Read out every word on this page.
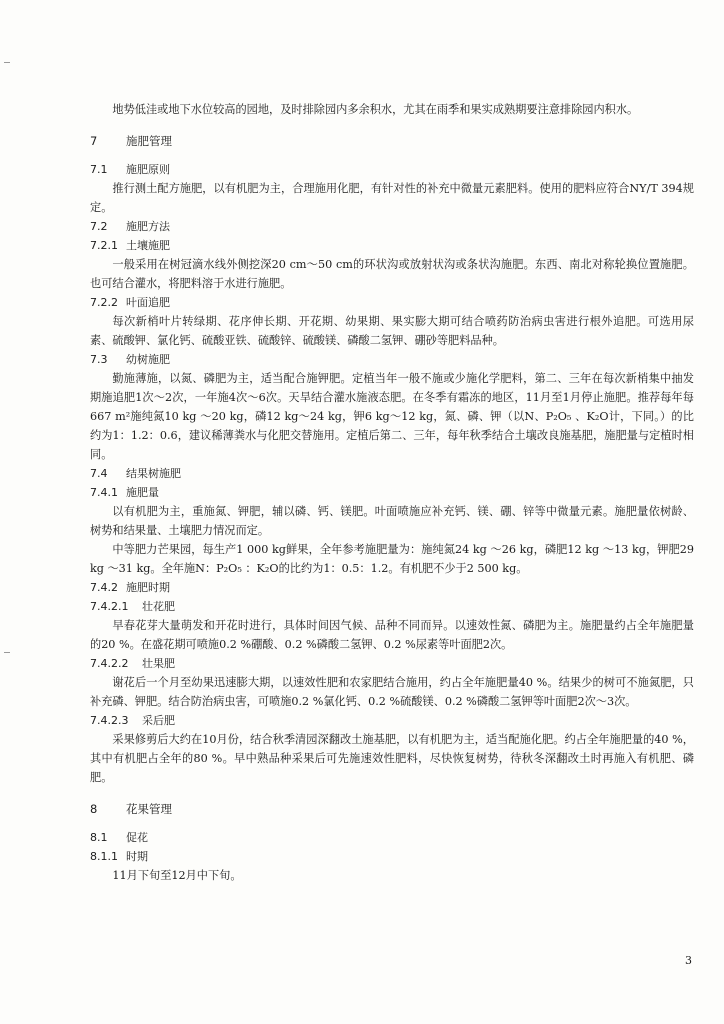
地势低洼或地下水位较高的园地，及时排除园内多余积水，尤其在雨季和果实成熟期要注意排除园内积水。

7 施肥管理
7.1 施肥原则

推行测土配方施肥，以有机肥为主，合理施用化肥，有针对性的补充中微量元素肥料。使用的肥料应符合NY/T 394规定。

7.2 施肥方法
7.2.1 土壤施肥

一般采用在树冠滴水线外侧挖深20 cm～50 cm的环状沟或放射状沟或条状沟施肥。东西、南北对称轮换位置施肥。也可结合灌水，将肥料溶于水进行施肥。

7.2.2 叶面追肥

每次新梢叶片转绿期、花序伸长期、开花期、幼果期、果实膨大期可结合喷药防治病虫害进行根外追肥。可选用尿素、硫酸钾、氯化钙、硫酸亚铁、硫酸锌、硫酸镁、磷酸二氢钾、硼砂等肥料品种。

7.3 幼树施肥

勤施薄施，以氮、磷肥为主，适当配合施钾肥。定植当年一般不施或少施化学肥料，第二、三年在每次新梢集中抽发期施追肥1次～2次，一年施4次～6次。天旱结合灌水施液态肥。在冬季有霜冻的地区，11月至1月停止施肥。推荐每年每667 m²施纯氮10 kg ～20 kg，磷12 kg～24 kg，钾6 kg～12 kg，氮、磷、钾（以N、P₂O₅ 、K₂O计，下同。）的比约为1：1.2：0.6，建议稀薄粪水与化肥交替施用。定植后第二、三年，每年秋季结合土壤改良施基肥，施肥量与定植时相同。

7.4 结果树施肥
7.4.1 施肥量

以有机肥为主，重施氮、钾肥，辅以磷、钙、镁肥。叶面喷施应补充钙、镁、硼、锌等中微量元素。施肥量依树龄、树势和结果量、土壤肥力情况而定。

中等肥力芒果园，每生产1 000 kg鲜果，全年参考施肥量为：施纯氮24 kg ～26 kg，磷肥12 kg ～13 kg，钾肥29 kg ～31 kg。全年施N：P₂O₅ ：K₂O的比约为1：0.5：1.2。有机肥不少于2 500 kg。

7.4.2 施肥时期
7.4.2.1 壮花肥

早春花芽大量萌发和开花时进行，具体时间因气候、品种不同而异。以速效性氮、磷肥为主。施肥量约占全年施肥量的20 %。在盛花期可喷施0.2 %硼酸、0.2 %磷酸二氢钾、0.2 %尿素等叶面肥2次。

7.4.2.2 壮果肥

谢花后一个月至幼果迅速膨大期，以速效性肥和农家肥结合施用，约占全年施肥量40 %。结果少的树可不施氮肥，只补充磷、钾肥。结合防治病虫害，可喷施0.2 %氯化钙、0.2 %硫酸镁、0.2 %磷酸二氢钾等叶面肥2次～3次。

7.4.2.3 采后肥

采果修剪后大约在10月份，结合秋季清园深翻改土施基肥，以有机肥为主，适当配施化肥。约占全年施肥量的40 %，其中有机肥占全年的80 %。早中熟品种采果后可先施速效性肥料，尽快恢复树势，待秋冬深翻改土时再施入有机肥、磷肥。

8 花果管理
8.1 促花
8.1.1 时期

11月下旬至12月中下旬。

3
